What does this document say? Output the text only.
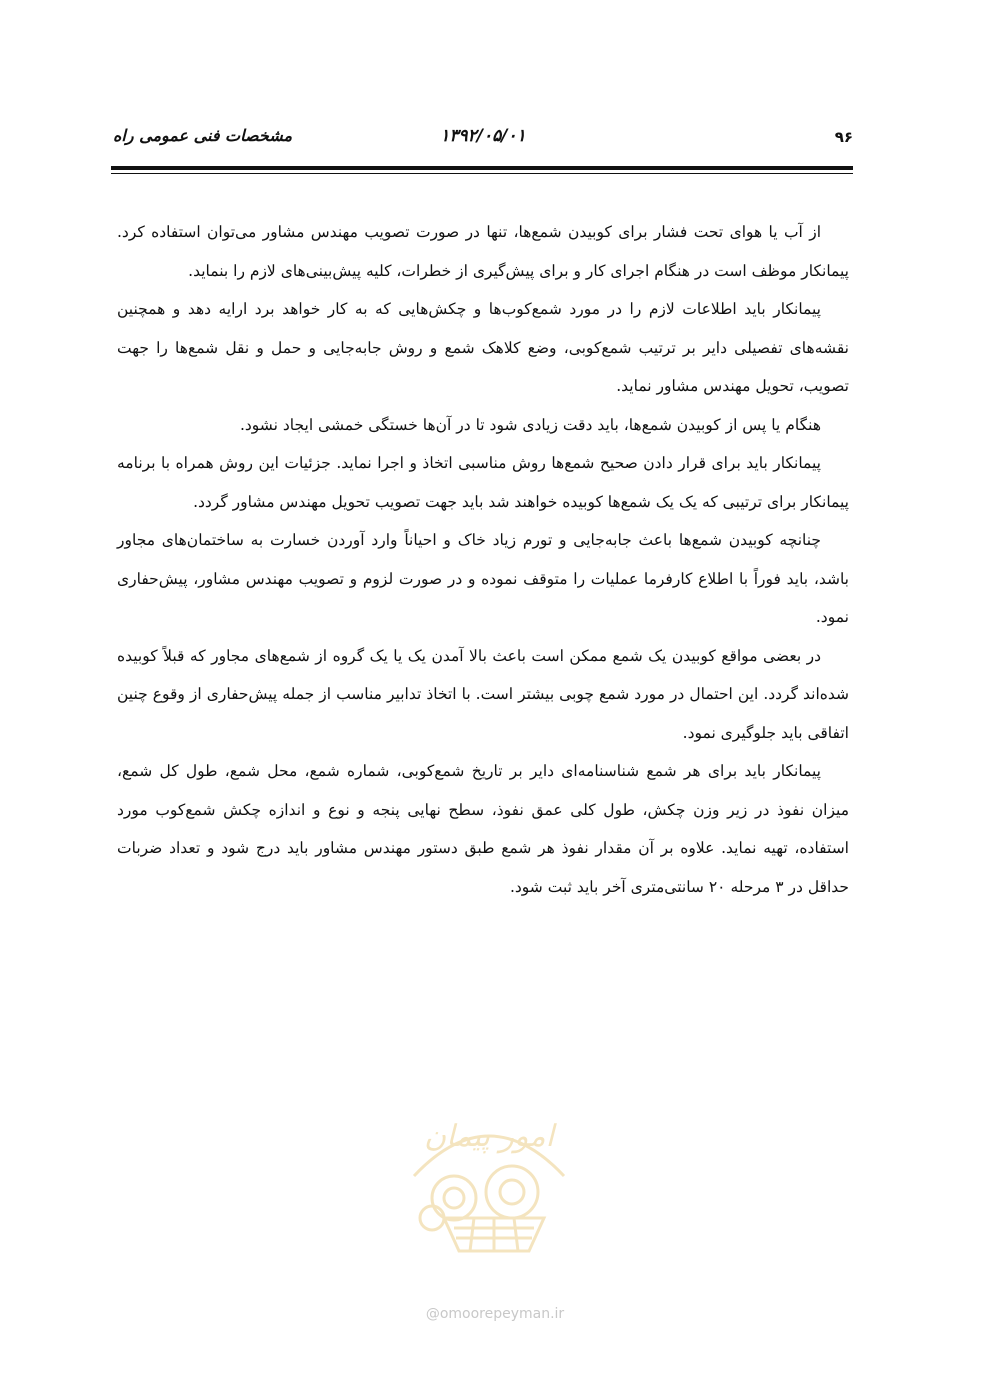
۹۶
۱۳۹۲/۰۵/۰۱
مشخصات فنی عمومی راه

از آب یا هوای تحت فشار برای کوبیدن شمع‌ها، تنها در صورت تصویب مهندس مشاور می‌توان استفاده کرد. پیمانکار موظف است در هنگام اجرای کار و برای پیش‌گیری از خطرات، کلیه پیش‌بینی‌های لازم را بنماید.

پیمانکار باید اطلاعات لازم را در مورد شمع‌کوب‌ها و چکش‌هایی که به کار خواهد برد ارایه دهد و همچنین نقشه‌های تفصیلی دایر بر ترتیب شمع‌کوبی، وضع کلاهک شمع و روش جابه‌جایی و حمل و نقل شمع‌ها را جهت تصویب، تحویل مهندس مشاور نماید.

هنگام یا پس از کوبیدن شمع‌ها، باید دقت زیادی شود تا در آن‌ها خستگی خمشی ایجاد نشود.

پیمانکار باید برای قرار دادن صحیح شمع‌ها روش مناسبی اتخاذ و اجرا نماید. جزئیات این روش همراه با برنامه پیمانکار برای ترتیبی که یک یک شمع‌ها کوبیده خواهند شد باید جهت تصویب تحویل مهندس مشاور گردد.

چنانچه کوبیدن شمع‌ها باعث جابه‌جایی و تورم زیاد خاک و احیاناً وارد آوردن خسارت به ساختمان‌های مجاور باشد، باید فوراً با اطلاع کارفرما عملیات را متوقف نموده و در صورت لزوم و تصویب مهندس مشاور، پیش‌حفاری نمود.

در بعضی مواقع کوبیدن یک شمع ممکن است باعث بالا آمدن یک یا یک گروه از شمع‌های مجاور که قبلاً کوبیده شده‌اند گردد. این احتمال در مورد شمع چوبی بیشتر است. با اتخاذ تدابیر مناسب از جمله پیش‌حفاری از وقوع چنین اتفاقی باید جلوگیری نمود.

پیمانکار باید برای هر شمع شناسنامه‌ای دایر بر تاریخ شمع‌کوبی، شماره شمع، محل شمع، طول کل شمع، میزان نفوذ در زیر وزن چکش، طول کلی عمق نفوذ، سطح نهایی پنجه و نوع و اندازه چکش شمع‌کوب مورد استفاده، تهیه نماید. علاوه بر آن مقدار نفوذ هر شمع طبق دستور مهندس مشاور باید درج شود و تعداد ضربات حداقل در ۳ مرحله ۲۰ سانتی‌متری آخر باید ثبت شود.

امور پیمان
@omoorepeyman.ir
